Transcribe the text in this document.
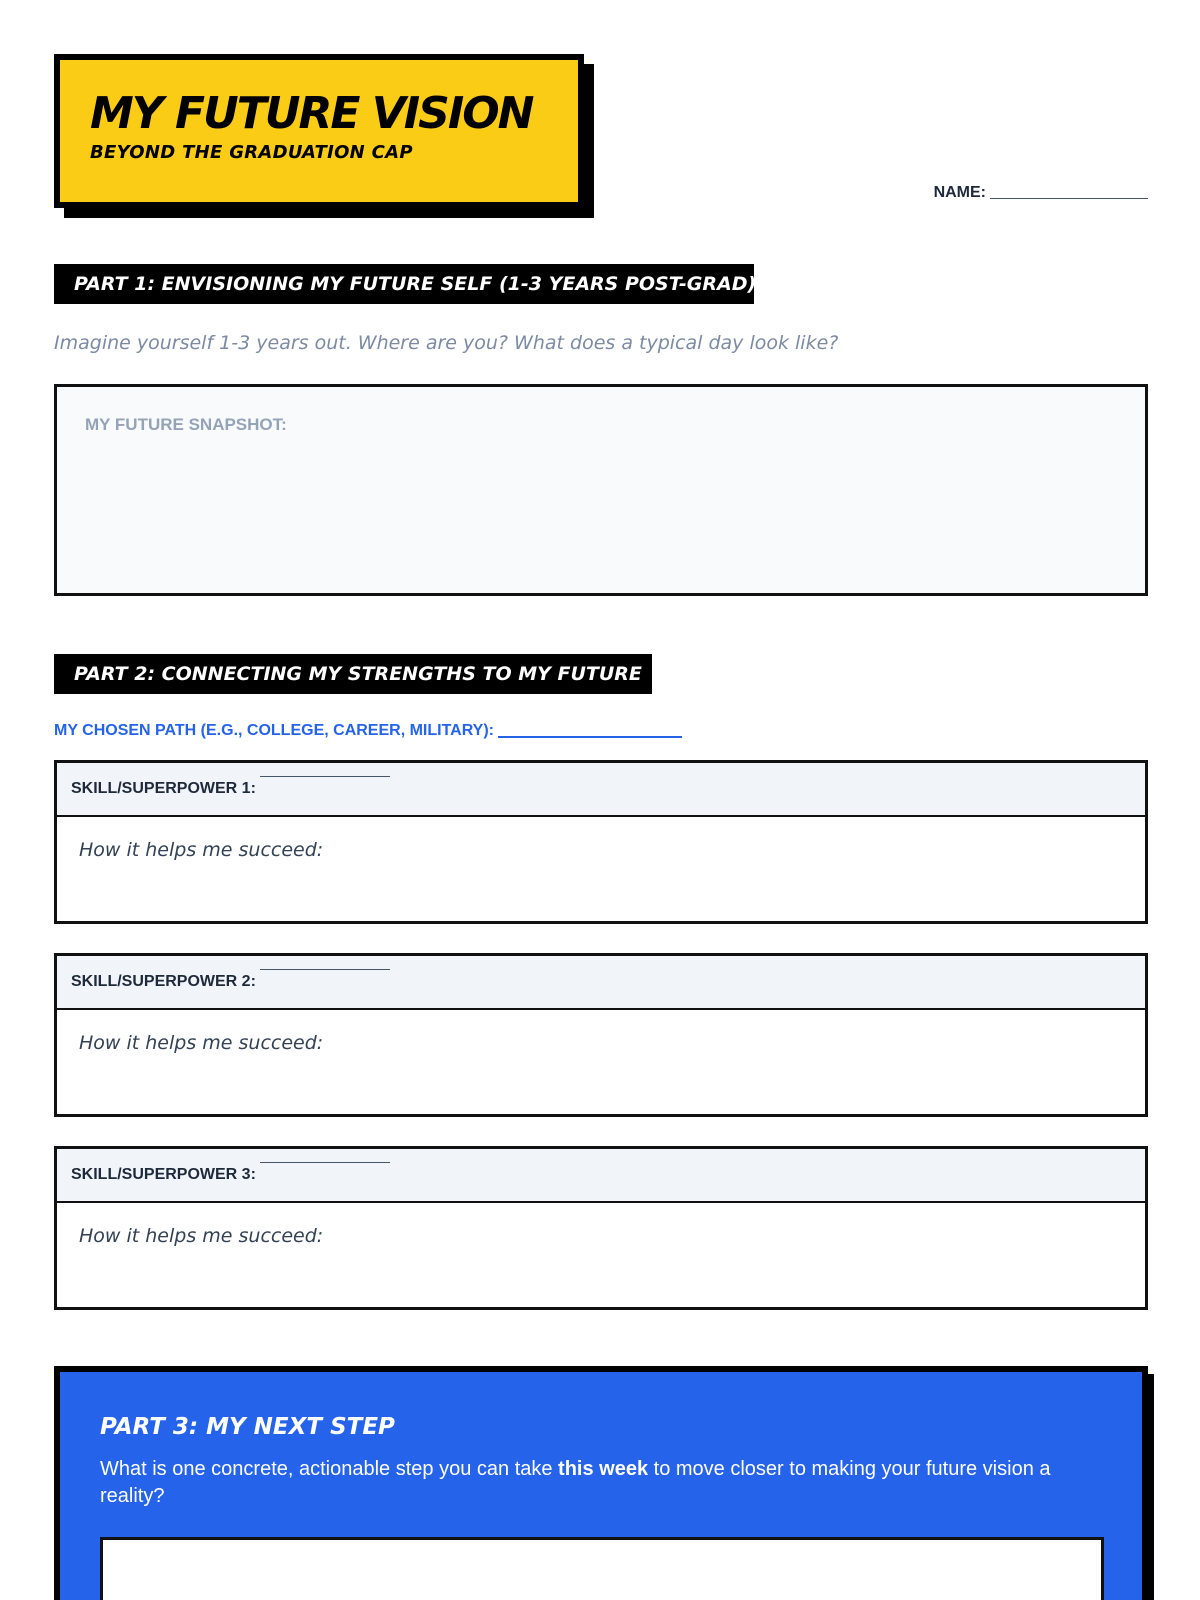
MY FUTURE VISION
BEYOND THE GRADUATION CAP
NAME:
PART 1: ENVISIONING MY FUTURE SELF (1-3 YEARS POST-GRAD)
Imagine yourself 1-3 years out. Where are you? What does a typical day look like?
MY FUTURE SNAPSHOT:
PART 2: CONNECTING MY STRENGTHS TO MY FUTURE
MY CHOSEN PATH (E.G., COLLEGE, CAREER, MILITARY):
SKILL/SUPERPOWER 1:
How it helps me succeed:
SKILL/SUPERPOWER 2:
How it helps me succeed:
SKILL/SUPERPOWER 3:
How it helps me succeed:
PART 3: MY NEXT STEP
What is one concrete, actionable step you can take this week to move closer to making your future vision a reality?
